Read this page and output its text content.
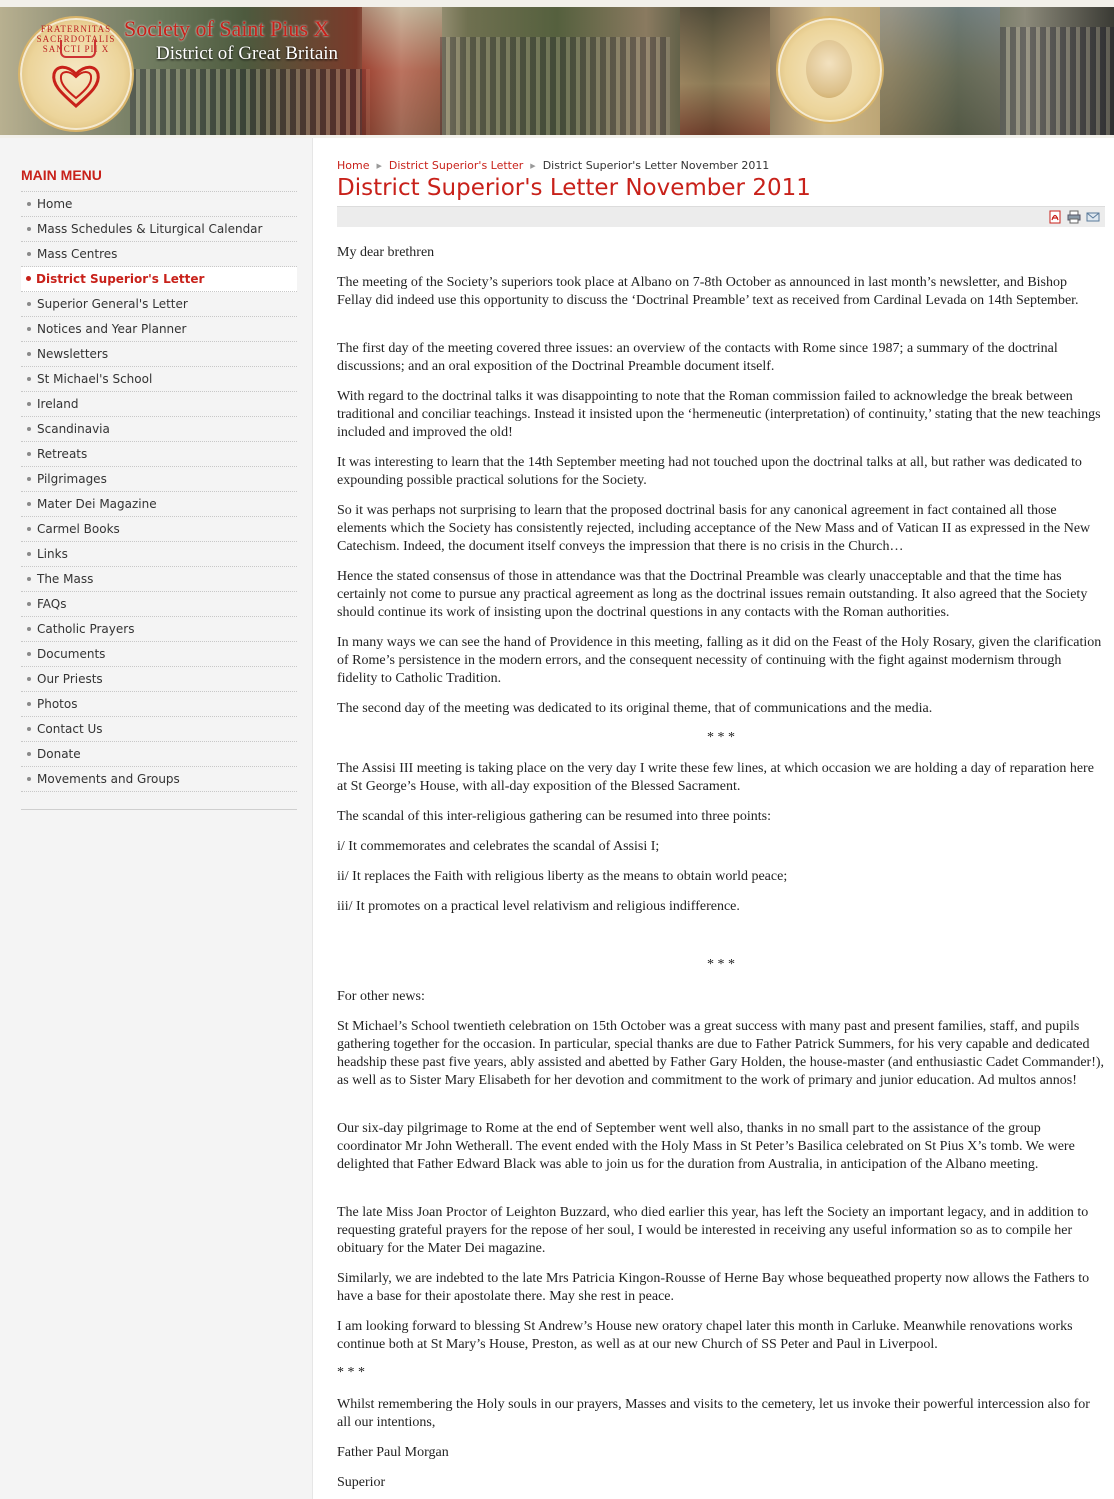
FRATERNITAS SACERDOTALIS SANCTI PII X
Society of Saint Pius X
District of Great Britain
MAIN MENU
Home
Mass Schedules & Liturgical Calendar
Mass Centres
District Superior's Letter
Superior General's Letter
Notices and Year Planner
Newsletters
St Michael's School
Ireland
Scandinavia
Retreats
Pilgrimages
Mater Dei Magazine
Carmel Books
Links
The Mass
FAQs
Catholic Prayers
Documents
Our Priests
Photos
Contact Us
Donate
Movements and Groups
Home ▶ District Superior's Letter ▶ District Superior's Letter November 2011
District Superior's Letter November 2011

My dear brethren

The meeting of the Society’s superiors took place at Albano on 7-8th October as announced in last month’s newsletter, and Bishop Fellay did indeed use this opportunity to discuss the ‘Doctrinal Preamble’ text as received from Cardinal Levada on 14th September.

The first day of the meeting covered three issues: an overview of the contacts with Rome since 1987; a summary of the doctrinal discussions; and an oral exposition of the Doctrinal Preamble document itself.

With regard to the doctrinal talks it was disappointing to note that the Roman commission failed to acknowledge the break between traditional and conciliar teachings. Instead it insisted upon the ‘hermeneutic (interpretation) of continuity,’ stating that the new teachings included and improved the old!

It was interesting to learn that the 14th September meeting had not touched upon the doctrinal talks at all, but rather was dedicated to expounding possible practical solutions for the Society.

So it was perhaps not surprising to learn that the proposed doctrinal basis for any canonical agreement in fact contained all those elements which the Society has consistently rejected, including acceptance of the New Mass and of Vatican II as expressed in the New Catechism. Indeed, the document itself conveys the impression that there is no crisis in the Church…

Hence the stated consensus of those in attendance was that the Doctrinal Preamble was clearly unacceptable and that the time has certainly not come to pursue any practical agreement as long as the doctrinal issues remain outstanding. It also agreed that the Society should continue its work of insisting upon the doctrinal questions in any contacts with the Roman authorities.

In many ways we can see the hand of Providence in this meeting, falling as it did on the Feast of the Holy Rosary, given the clarification of Rome’s persistence in the modern errors, and the consequent necessity of continuing with the fight against modernism through fidelity to Catholic Tradition.

The second day of the meeting was dedicated to its original theme, that of communications and the media.

* * *

The Assisi III meeting is taking place on the very day I write these few lines, at which occasion we are holding a day of reparation here at St George’s House, with all-day exposition of the Blessed Sacrament.

The scandal of this inter-religious gathering can be resumed into three points:

i/ It commemorates and celebrates the scandal of Assisi I;

ii/ It replaces the Faith with religious liberty as the means to obtain world peace;

iii/ It promotes on a practical level relativism and religious indifference.

* * *

For other news:

St Michael’s School twentieth celebration on 15th October was a great success with many past and present families, staff, and pupils gathering together for the occasion. In particular, special thanks are due to Father Patrick Summers, for his very capable and dedicated headship these past five years, ably assisted and abetted by Father Gary Holden, the house-master (and enthusiastic Cadet Commander!), as well as to Sister Mary Elisabeth for her devotion and commitment to the work of primary and junior education. Ad multos annos!

Our six-day pilgrimage to Rome at the end of September went well also, thanks in no small part to the assistance of the group coordinator Mr John Wetherall. The event ended with the Holy Mass in St Peter’s Basilica celebrated on St Pius X’s tomb. We were delighted that Father Edward Black was able to join us for the duration from Australia, in anticipation of the Albano meeting.

The late Miss Joan Proctor of Leighton Buzzard, who died earlier this year, has left the Society an important legacy, and in addition to requesting grateful prayers for the repose of her soul, I would be interested in receiving any useful information so as to compile her obituary for the Mater Dei magazine.

Similarly, we are indebted to the late Mrs Patricia Kingon-Rousse of Herne Bay whose bequeathed property now allows the Fathers to have a base for their apostolate there. May she rest in peace.

I am looking forward to blessing St Andrew’s House new oratory chapel later this month in Carluke. Meanwhile renovations works continue both at St Mary’s House, Preston, as well as at our new Church of SS Peter and Paul in Liverpool.

* * *

Whilst remembering the Holy souls in our prayers, Masses and visits to the cemetery, let us invoke their powerful intercession also for all our intentions,

Father Paul Morgan

Superior
